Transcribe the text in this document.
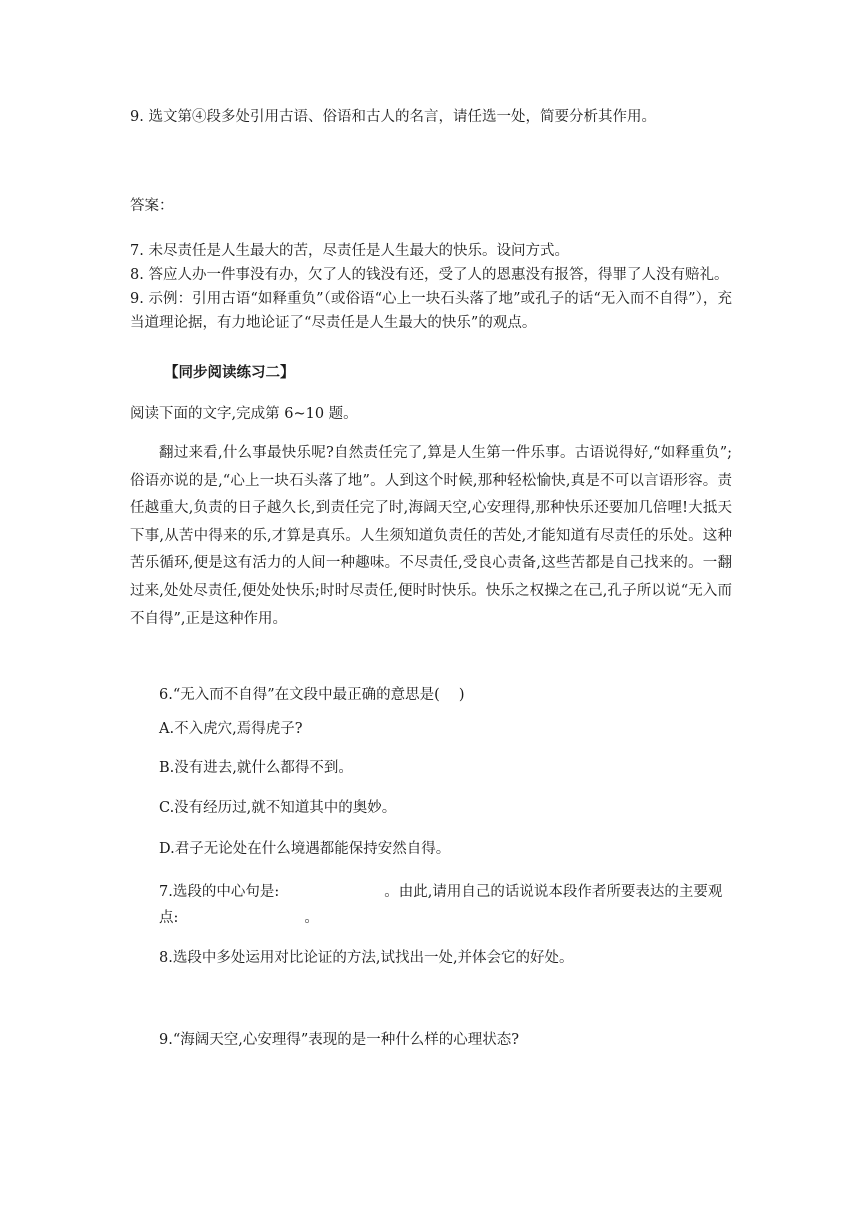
9. 选文第④段多处引用古语、俗语和古人的名言，请任选一处，简要分析其作用。
答案：
7. 未尽责任是人生最大的苦，尽责任是人生最大的快乐。设问方式。
8. 答应人办一件事没有办，欠了人的钱没有还，受了人的恩惠没有报答，得罪了人没有赔礼。
9. 示例：引用古语“如释重负”（或俗语“心上一块石头落了地”或孔子的话“无入而不自得”），充当道理论据，有力地论证了“尽责任是人生最大的快乐”的观点。
【同步阅读练习二】
阅读下面的文字,完成第 6~10 题。
翻过来看,什么事最快乐呢?自然责任完了,算是人生第一件乐事。古语说得好,“如释重负”;俗语亦说的是,“心上一块石头落了地”。人到这个时候,那种轻松愉快,真是不可以言语形容。责任越重大,负责的日子越久长,到责任完了时,海阔天空,心安理得,那种快乐还要加几倍哩!大抵天下事,从苦中得来的乐,才算是真乐。人生须知道负责任的苦处,才能知道有尽责任的乐处。这种苦乐循环,便是这有活力的人间一种趣味。不尽责任,受良心责备,这些苦都是自己找来的。一翻过来,处处尽责任,便处处快乐;时时尽责任,便时时快乐。快乐之权操之在己,孔子所以说“无入而不自得”,正是这种作用。
6.“无入而不自得”在文段中最正确的意思是(　 )
A.不入虎穴,焉得虎子?
B.没有进去,就什么都得不到。
C.没有经历过,就不知道其中的奥妙。
D.君子无论处在什么境遇都能保持安然自得。
7.选段的中心句是:	。由此,请用自己的话说说本段作者所要表达的主要观点:	。
8.选段中多处运用对比论证的方法,试找出一处,并体会它的好处。
9.“海阔天空,心安理得”表现的是一种什么样的心理状态?
